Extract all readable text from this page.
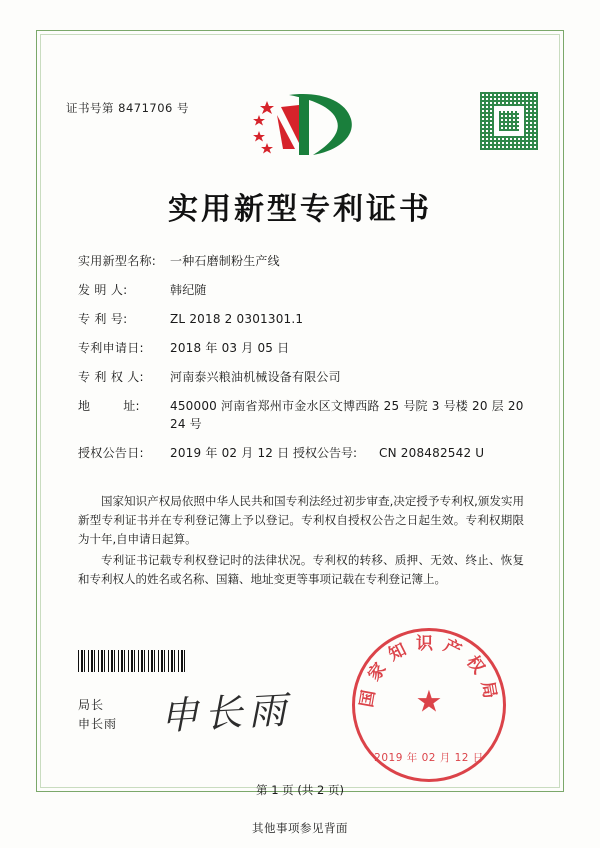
证书号第 8471706 号
实用新型专利证书
实用新型名称:	一种石磨制粉生产线
发 明 人:	韩纪随
专 利 号:	ZL 2018 2 0301301.1
专利申请日:	2018 年 03 月 05 日
专 利 权 人:	河南泰兴粮油机械设备有限公司
地        址:	450000 河南省郑州市金水区文博西路 25 号院 3 号楼 20 层 20 24 号
授权公告日:	2019 年 02 月 12 日 授权公告号:	CN 208482542 U

国家知识产权局依照中华人民共和国专利法经过初步审查,决定授予专利权,颁发实用新型专利证书并在专利登记簿上予以登记。专利权自授权公告之日起生效。专利权期限为十年,自申请日起算。

专利证书记载专利权登记时的法律状况。专利权的转移、质押、无效、终止、恢复和专利权人的姓名或名称、国籍、地址变更等事项记载在专利登记簿上。

局长
申长雨 申长雨	★
国家知识产权局
2019 年 02 月 12 日
第 1 页 (共 2 页)
其他事项参见背面
